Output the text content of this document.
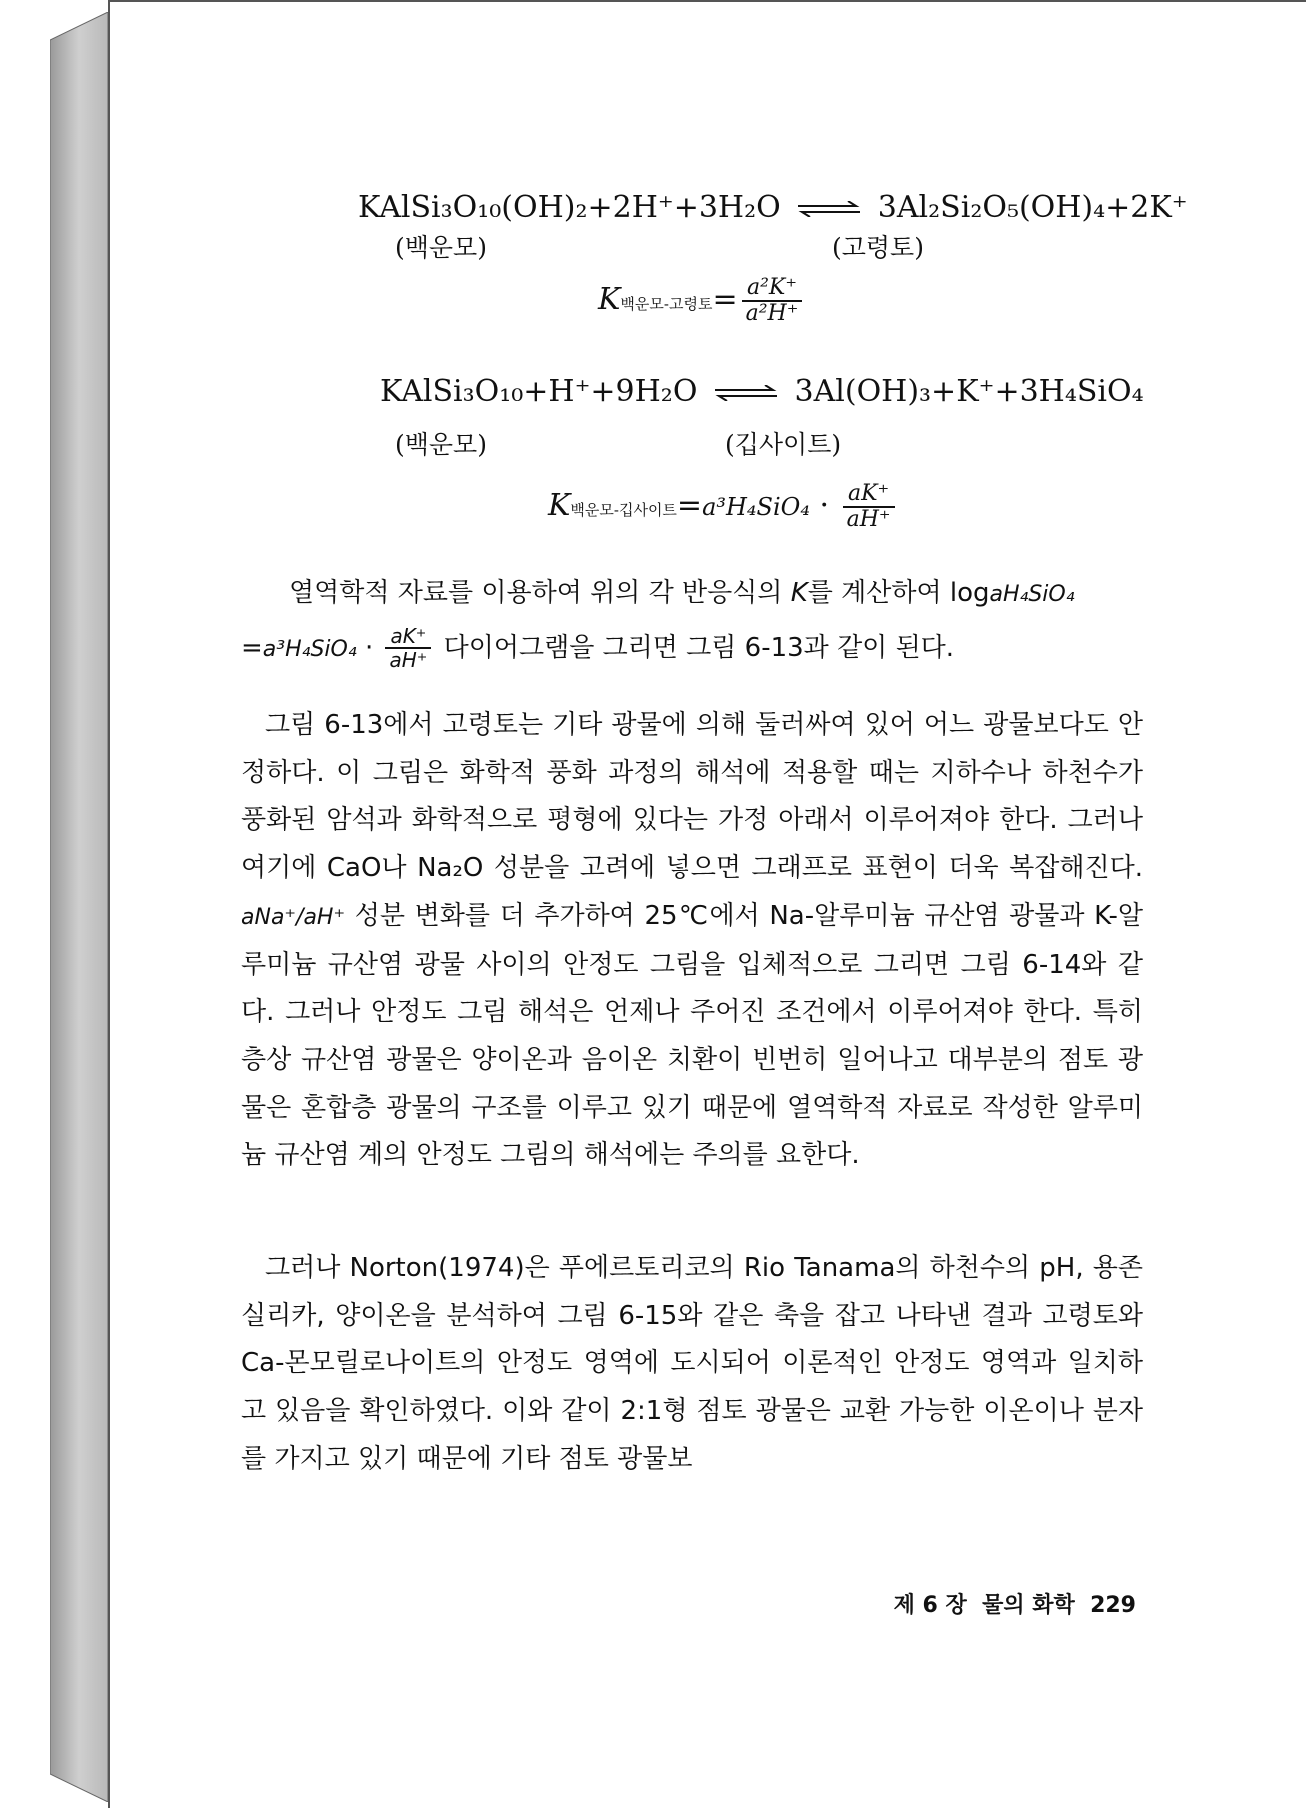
KAlSi₃O₁₀(OH)₂+2H⁺+3H₂O ⇌ 3Al₂Si₂O₅(OH)₄+2K⁺
(백운모)	(고령토)
K백운모-고령토= $\frac{\text{a²K⁺}}{\text{a²H⁺}}$
KAlSi₃O₁₀+H⁺+9H₂O ⇌ 3Al(OH)₃+K⁺+3H₄SiO₄
(백운모)	(깁사이트)
K백운모-깁사이트$=a^3H_4SiO_4 \cdot \frac{aK^+}{aH^+}$

열역학적 자료를 이용하여 위의 각 반응식의 K를 계산하여 logaH₄SiO₄

$=a^3H_4SiO_4 \cdot \frac{aK^+}{aH^+}$ 다이어그램을 그리면 그림 6-13과 같이 된다.

그림 6-13에서 고령토는 기타 광물에 의해 둘러싸여 있어 어느 광물보다도 안정하다. 이 그림은 화학적 풍화 과정의 해석에 적용할 때는 지하수나 하천수가 풍화된 암석과 화학적으로 평형에 있다는 가정 아래서 이루어져야 한다. 그러나 여기에 CaO나 Na₂O 성분을 고려에 넣으면 그래프로 표현이 더욱 복잡해진다. aNa⁺/aH⁺ 성분 변화를 더 추가하여 25℃에서 Na-알루미늄 규산염 광물과 K-알루미늄 규산염 광물 사이의 안정도 그림을 입체적으로 그리면 그림 6-14와 같다. 그러나 안정도 그림 해석은 언제나 주어진 조건에서 이루어져야 한다. 특히 층상 규산염 광물은 양이온과 음이온 치환이 빈번히 일어나고 대부분의 점토 광물은 혼합층 광물의 구조를 이루고 있기 때문에 열역학적 자료로 작성한 알루미늄 규산염 계의 안정도 그림의 해석에는 주의를 요한다.

그러나 Norton(1974)은 푸에르토리코의 Rio Tanama의 하천수의 pH, 용존 실리카, 양이온을 분석하여 그림 6-15와 같은 축을 잡고 나타낸 결과 고령토와 Ca-몬모릴로나이트의 안정도 영역에 도시되어 이론적인 안정도 영역과 일치하고 있음을 확인하였다. 이와 같이 2:1형 점토 광물은 교환 가능한 이온이나 분자를 가지고 있기 때문에 기타 점토 광물보

제 6 장 물의 화학 229
